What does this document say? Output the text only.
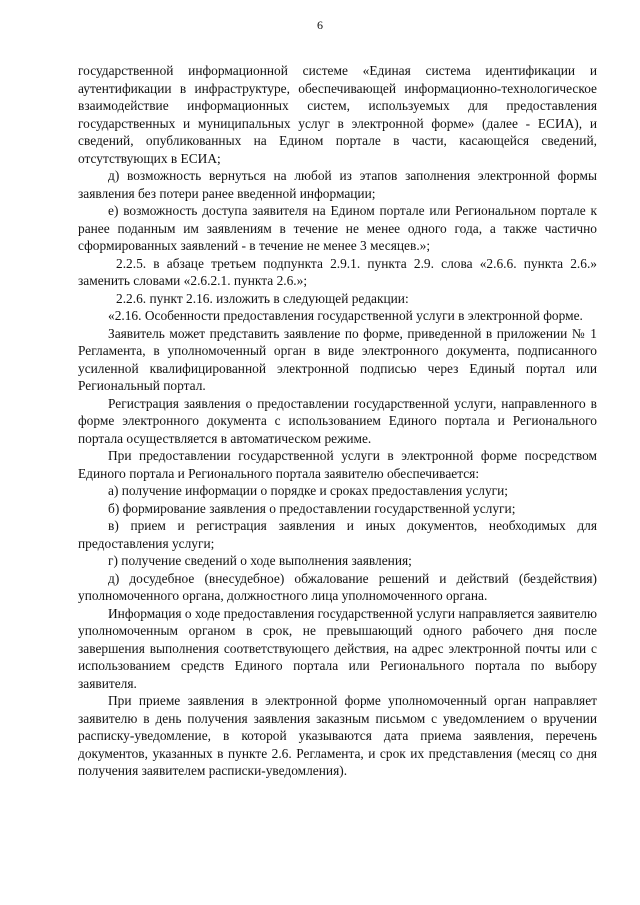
6

государственной информационной системе «Единая система идентификации и аутентификации в инфраструктуре, обеспечивающей информационно-технологическое взаимодействие информационных систем, используемых для предоставления государственных и муниципальных услуг в электронной форме» (далее - ЕСИА), и сведений, опубликованных на Едином портале в части, касающейся сведений, отсутствующих в ЕСИА;

д) возможность вернуться на любой из этапов заполнения электронной формы заявления без потери ранее введенной информации;

е) возможность доступа заявителя на Едином портале или Региональном портале к ранее поданным им заявлениям в течение не менее одного года, а также частично сформированных заявлений - в течение не менее 3 месяцев.»;

2.2.5. в абзаце третьем подпункта 2.9.1. пункта 2.9. слова «2.6.6. пункта 2.6.» заменить словами «2.6.2.1. пункта 2.6.»;

2.2.6. пункт 2.16. изложить в следующей редакции:

«2.16. Особенности предоставления государственной услуги в электронной форме.

Заявитель может представить заявление по форме, приведенной в приложении № 1 Регламента, в уполномоченный орган в виде электронного документа, подписанного усиленной квалифицированной электронной подписью через Единый портал или Региональный портал.

Регистрация заявления о предоставлении государственной услуги, направленного в форме электронного документа с использованием Единого портала и Регионального портала осуществляется в автоматическом режиме.

При предоставлении государственной услуги в электронной форме посредством Единого портала и Регионального портала заявителю обеспечивается:

а) получение информации о порядке и сроках предоставления услуги;

б) формирование заявления о предоставлении государственной услуги;

в) прием и регистрация заявления и иных документов, необходимых для предоставления услуги;

г) получение сведений о ходе выполнения заявления;

д) досудебное (внесудебное) обжалование решений и действий (бездействия) уполномоченного органа, должностного лица уполномоченного органа.

Информация о ходе предоставления государственной услуги направляется заявителю уполномоченным органом в срок, не превышающий одного рабочего дня после завершения выполнения соответствующего действия, на адрес электронной почты или с использованием средств Единого портала или Регионального портала по выбору заявителя.

При приеме заявления в электронной форме уполномоченный орган направляет заявителю в день получения заявления заказным письмом с уведомлением о вручении расписку-уведомление, в которой указываются дата приема заявления, перечень документов, указанных в пункте 2.6. Регламента, и срок их представления (месяц со дня получения заявителем расписки-уведомления).
